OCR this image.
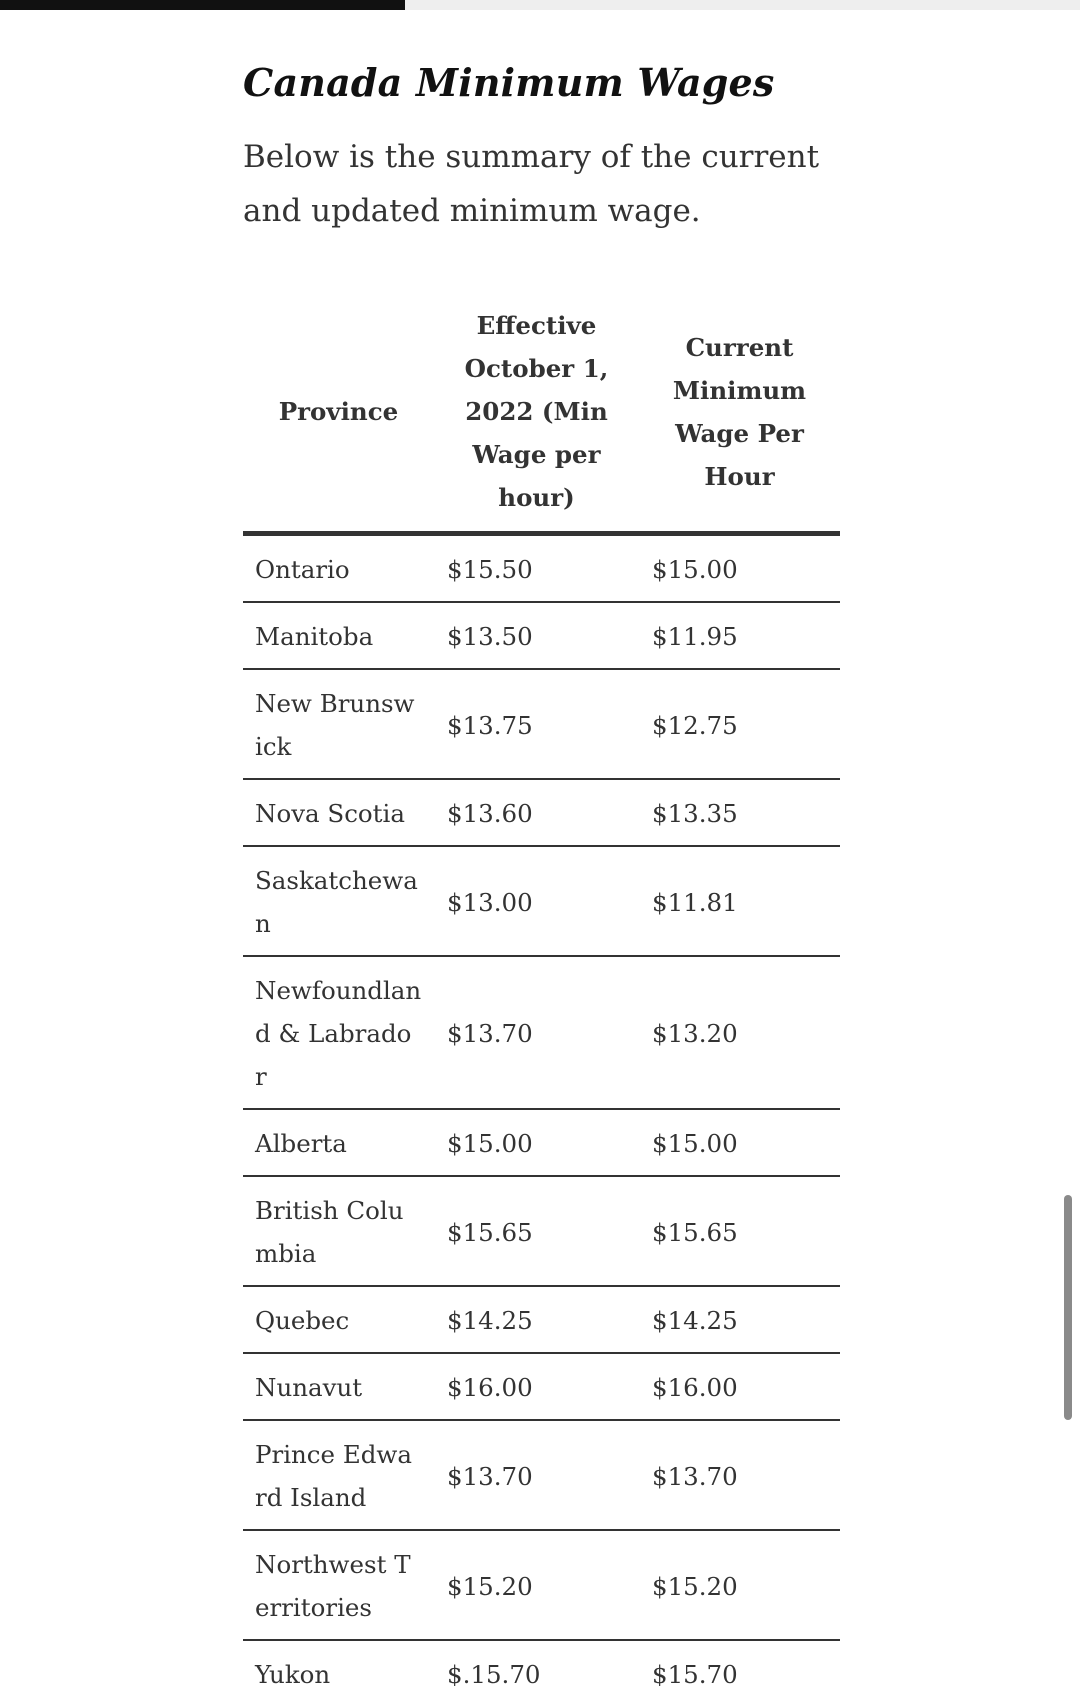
Canada Minimum Wages

Below is the summary of the current and updated minimum wage.

Province	Effective October 1, 2022 (Min Wage per hour)	Current Minimum Wage Per Hour
Ontario	$15.50	$15.00
Manitoba	$13.50	$11.95
New Brunswick	$13.75	$12.75
Nova Scotia	$13.60	$13.35
Saskatchewan	$13.00	$11.81
Newfoundland & Labrador	$13.70	$13.20
Alberta	$15.00	$15.00
British Columbia	$15.65	$15.65
Quebec	$14.25	$14.25
Nunavut	$16.00	$16.00
Prince Edward Island	$13.70	$13.70
Northwest Territories	$15.20	$15.20
Yukon	$.15.70	$15.70
